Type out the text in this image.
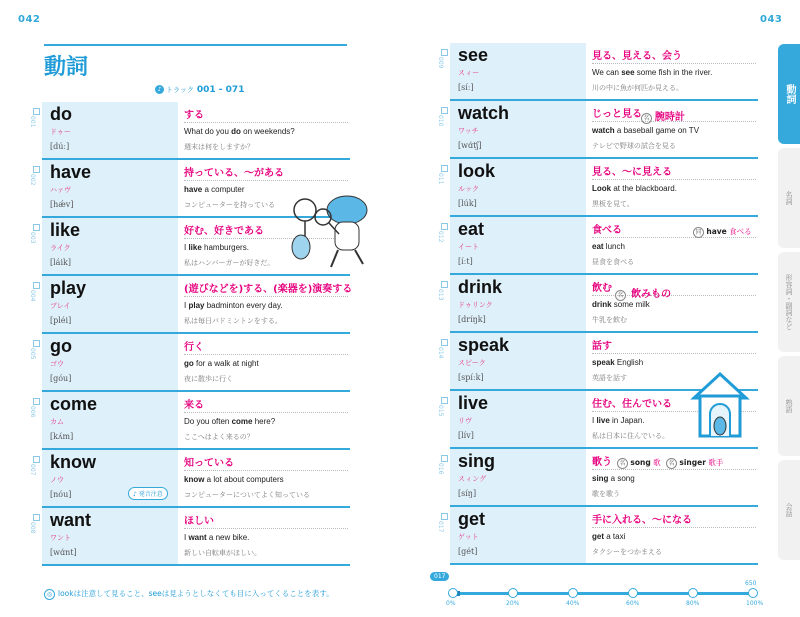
042	043
動詞
♪ トラック 001 - 071
001 do
ドゥー
[dúː]
する
What do you do on weekends?
週末は何をしますか？
002 have
ハァヴ
[hǽv]
持っている、～がある
have a computer
コンピューターを持っている
003 like
ライク
[láik]
好む、好きである
I like hamburgers.
私はハンバーガーが好きだ。
004 play
プレイ
[pléi]
(遊びなどを)する、(楽器を)演奏する
I play badminton every day.
私は毎日バドミントンをする。
005 go
ゴウ
[góu]
行く
go for a walk at night
夜に散歩に行く
006 come
カム
[kʌ́m]
来る
Do you often come here?
ここへはよく来るの？
007 know
ノウ
[nóu]
知っている
know a lot about computers
コンピューターについてよく知っている
008 want
ワント
[wɑ́nt]
ほしい
I want a new bike.
新しい自転車がほしい。
009 see
スィー
[síː]
見る、見える、会う
We can see some fish in the river.
川の中に魚が何匹か見える。
010 watch
ワッチ
[wɑ́tʃ]
じっと見る
watch a baseball game on TV
テレビで野球の試合を見る
011 look
ルック
[lúk]
見る、～に見える
Look at the blackboard.
黒板を見て。
012 eat
イート
[íːt]
食べる
eat lunch
昼食を食べる
013 drink
ドゥリンク
[dríŋk]
飲む
drink some milk
牛乳を飲む
014 speak
スピーク
[spíːk]
話す
speak English
英語を話す
015 live
リヴ
[lív]
住む、住んでいる
I live in Japan.
私は日本に住んでいる。
016 sing
スィング
[síŋ]
歌う
sing a song
歌を歌う
017 get
ゲット
[gét]
手に入れる、～になる
get a taxi
タクシーをつかまえる
名 腕時計
同 have 食べる
名 飲みもの
名 song 歌 名 singer 歌手
♪ 発音注意
◎ lookは注意して見ること、seeは見ようとしなくても目に入ってくることを表す。
動詞
名詞
形容詞・副詞など
熟語
会話
017
650
0%	20%	40%	60%	80%	100%
